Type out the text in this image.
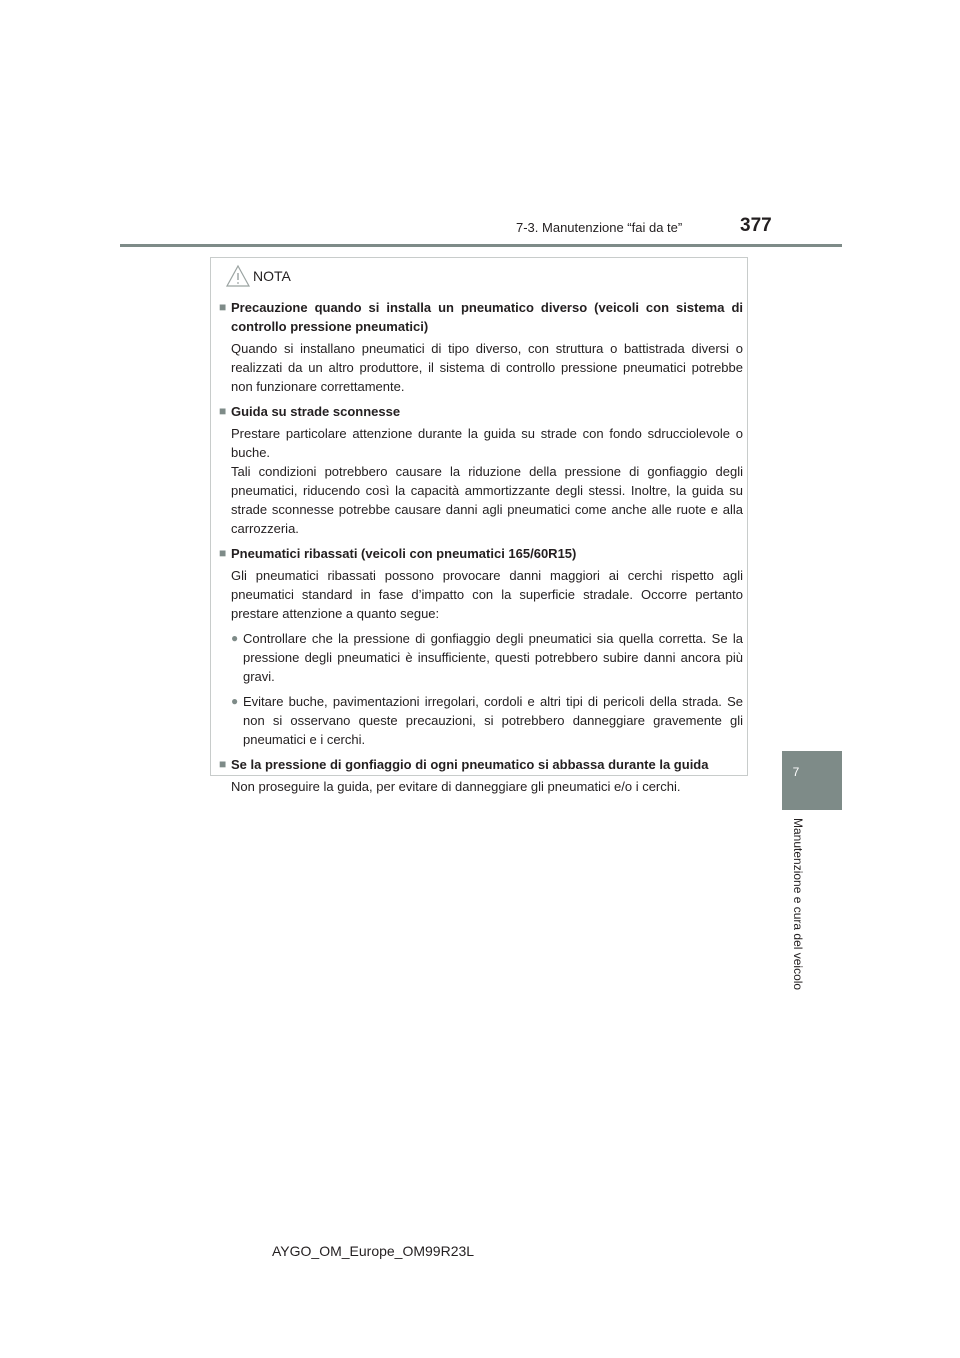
7-3. Manutenzione “fai da te”	377
7
Manutenzione e cura del veicolo
NOTA
■ Precauzione quando si installa un pneumatico diverso (veicoli con sistema di controllo pressione pneumatici)
Quando si installano pneumatici di tipo diverso, con struttura o battistrada diversi o realizzati da un altro produttore, il sistema di controllo pressione pneumatici potrebbe non funzionare correttamente.
■ Guida su strade sconnesse
Prestare particolare attenzione durante la guida su strade con fondo sdrucciolevole o buche.
Tali condizioni potrebbero causare la riduzione della pressione di gonfiaggio degli pneumatici, riducendo così la capacità ammortizzante degli stessi. Inoltre, la guida su strade sconnesse potrebbe causare danni agli pneumatici come anche alle ruote e alla carrozzeria.
■ Pneumatici ribassati (veicoli con pneumatici 165/60R15)
Gli pneumatici ribassati possono provocare danni maggiori ai cerchi rispetto agli pneumatici standard in fase d’impatto con la superficie stradale. Occorre pertanto prestare attenzione a quanto segue:
● Controllare che la pressione di gonfiaggio degli pneumatici sia quella corretta. Se la pressione degli pneumatici è insufficiente, questi potrebbero subire danni ancora più gravi.
● Evitare buche, pavimentazioni irregolari, cordoli e altri tipi di pericoli della strada. Se non si osservano queste precauzioni, si potrebbero danneggiare gravemente gli pneumatici e i cerchi.
■ Se la pressione di gonfiaggio di ogni pneumatico si abbassa durante la guida
Non proseguire la guida, per evitare di danneggiare gli pneumatici e/o i cerchi.
AYGO_OM_Europe_OM99R23L
